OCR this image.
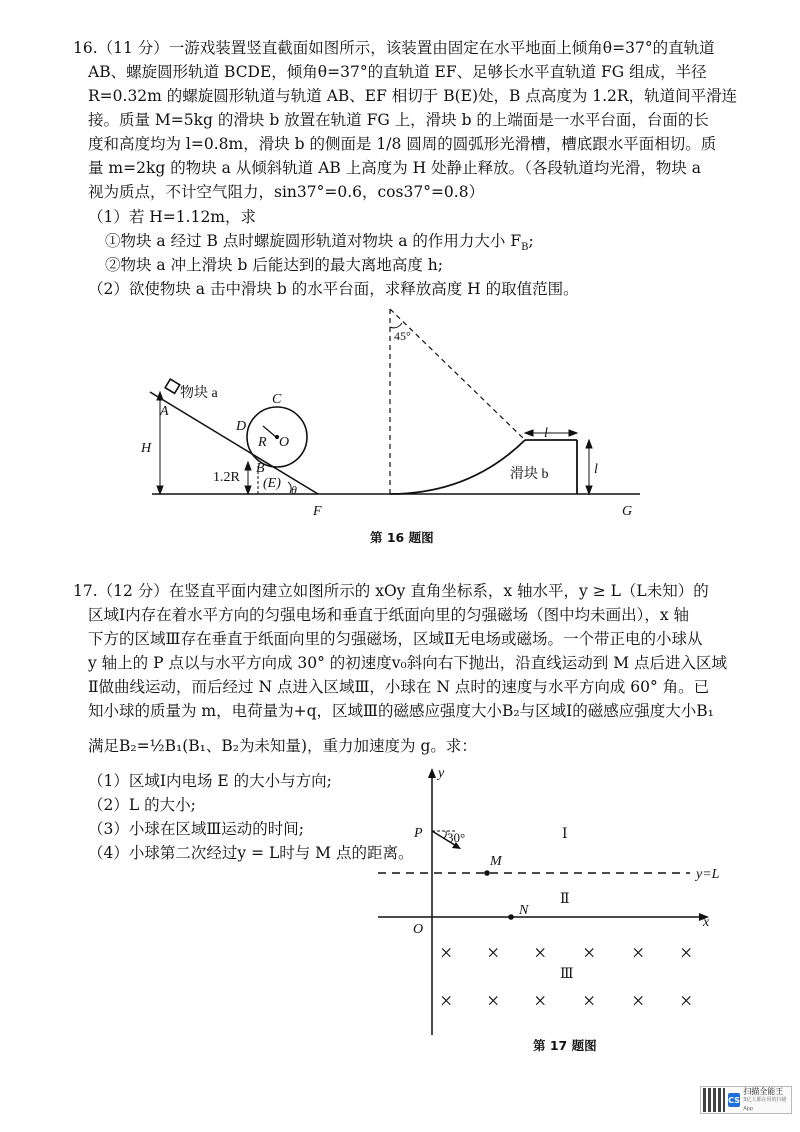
16.（11 分）一游戏装置竖直截面如图所示，该装置由固定在水平地面上倾角θ=37°的直轨道
AB、螺旋圆形轨道 BCDE，倾角θ=37°的直轨道 EF、足够长水平直轨道 FG 组成，半径
R=0.32m 的螺旋圆形轨道与轨道 AB、EF 相切于 B(E)处，B 点高度为 1.2R，轨道间平滑连
接。质量 M=5kg 的滑块 b 放置在轨道 FG 上，滑块 b 的上端面是一水平台面，台面的长
度和高度均为 l=0.8m，滑块 b 的侧面是 1/8 圆周的圆弧形光滑槽，槽底跟水平面相切。质
量 m=2kg 的物块 a 从倾斜轨道 AB 上高度为 H 处静止释放。（各段轨道均光滑，物块 a
视为质点，不计空气阻力，sin37°=0.6，cos37°=0.8）
（1）若 H=1.12m，求
①物块 a 经过 B 点时螺旋圆形轨道对物块 a 的作用力大小 $F_B$;
②物块 a 冲上滑块 b 后能达到的最大离地高度 h;
（2）欲使物块 a 击中滑块 b 的水平台面，求释放高度 H 的取值范围。
物块 a
A
H
C
D
R O
B
(E) θ
1.2R
F	G
45°
l
l
滑块 b
y
x
O
P 30°
M
N
Ⅰ
Ⅱ
Ⅲ
y=L
× × × × × ×
× × × × × ×
第 16 题图
17.（12 分）在竖直平面内建立如图所示的 xOy 直角坐标系，x 轴水平，y ≥ L（L未知）的
区域Ⅰ内存在着水平方向的匀强电场和垂直于纸面向里的匀强磁场（图中均未画出），x 轴
下方的区域Ⅲ存在垂直于纸面向里的匀强磁场，区域Ⅱ无电场或磁场。一个带正电的小球从
y 轴上的 P 点以与水平方向成 30° 的初速度v₀斜向右下抛出，沿直线运动到 M 点后进入区域
Ⅱ做曲线运动，而后经过 N 点进入区域Ⅲ，小球在 N 点时的速度与水平方向成 60° 角。已
知小球的质量为 m，电荷量为+q，区域Ⅲ的磁感应强度大小B₂与区域Ⅰ的磁感应强度大小B₁
满足B₂=½B₁(B₁、B₂为未知量)，重力加速度为 g。求：
（1）区域Ⅰ内电场 E 的大小与方向;
（2）L 的大小;
（3）小球在区域Ⅲ运动的时间;
（4）小球第二次经过y = L时与 M 点的距离。
第 17 题图
CS
扫描全能王
3亿人都在用的扫描App
